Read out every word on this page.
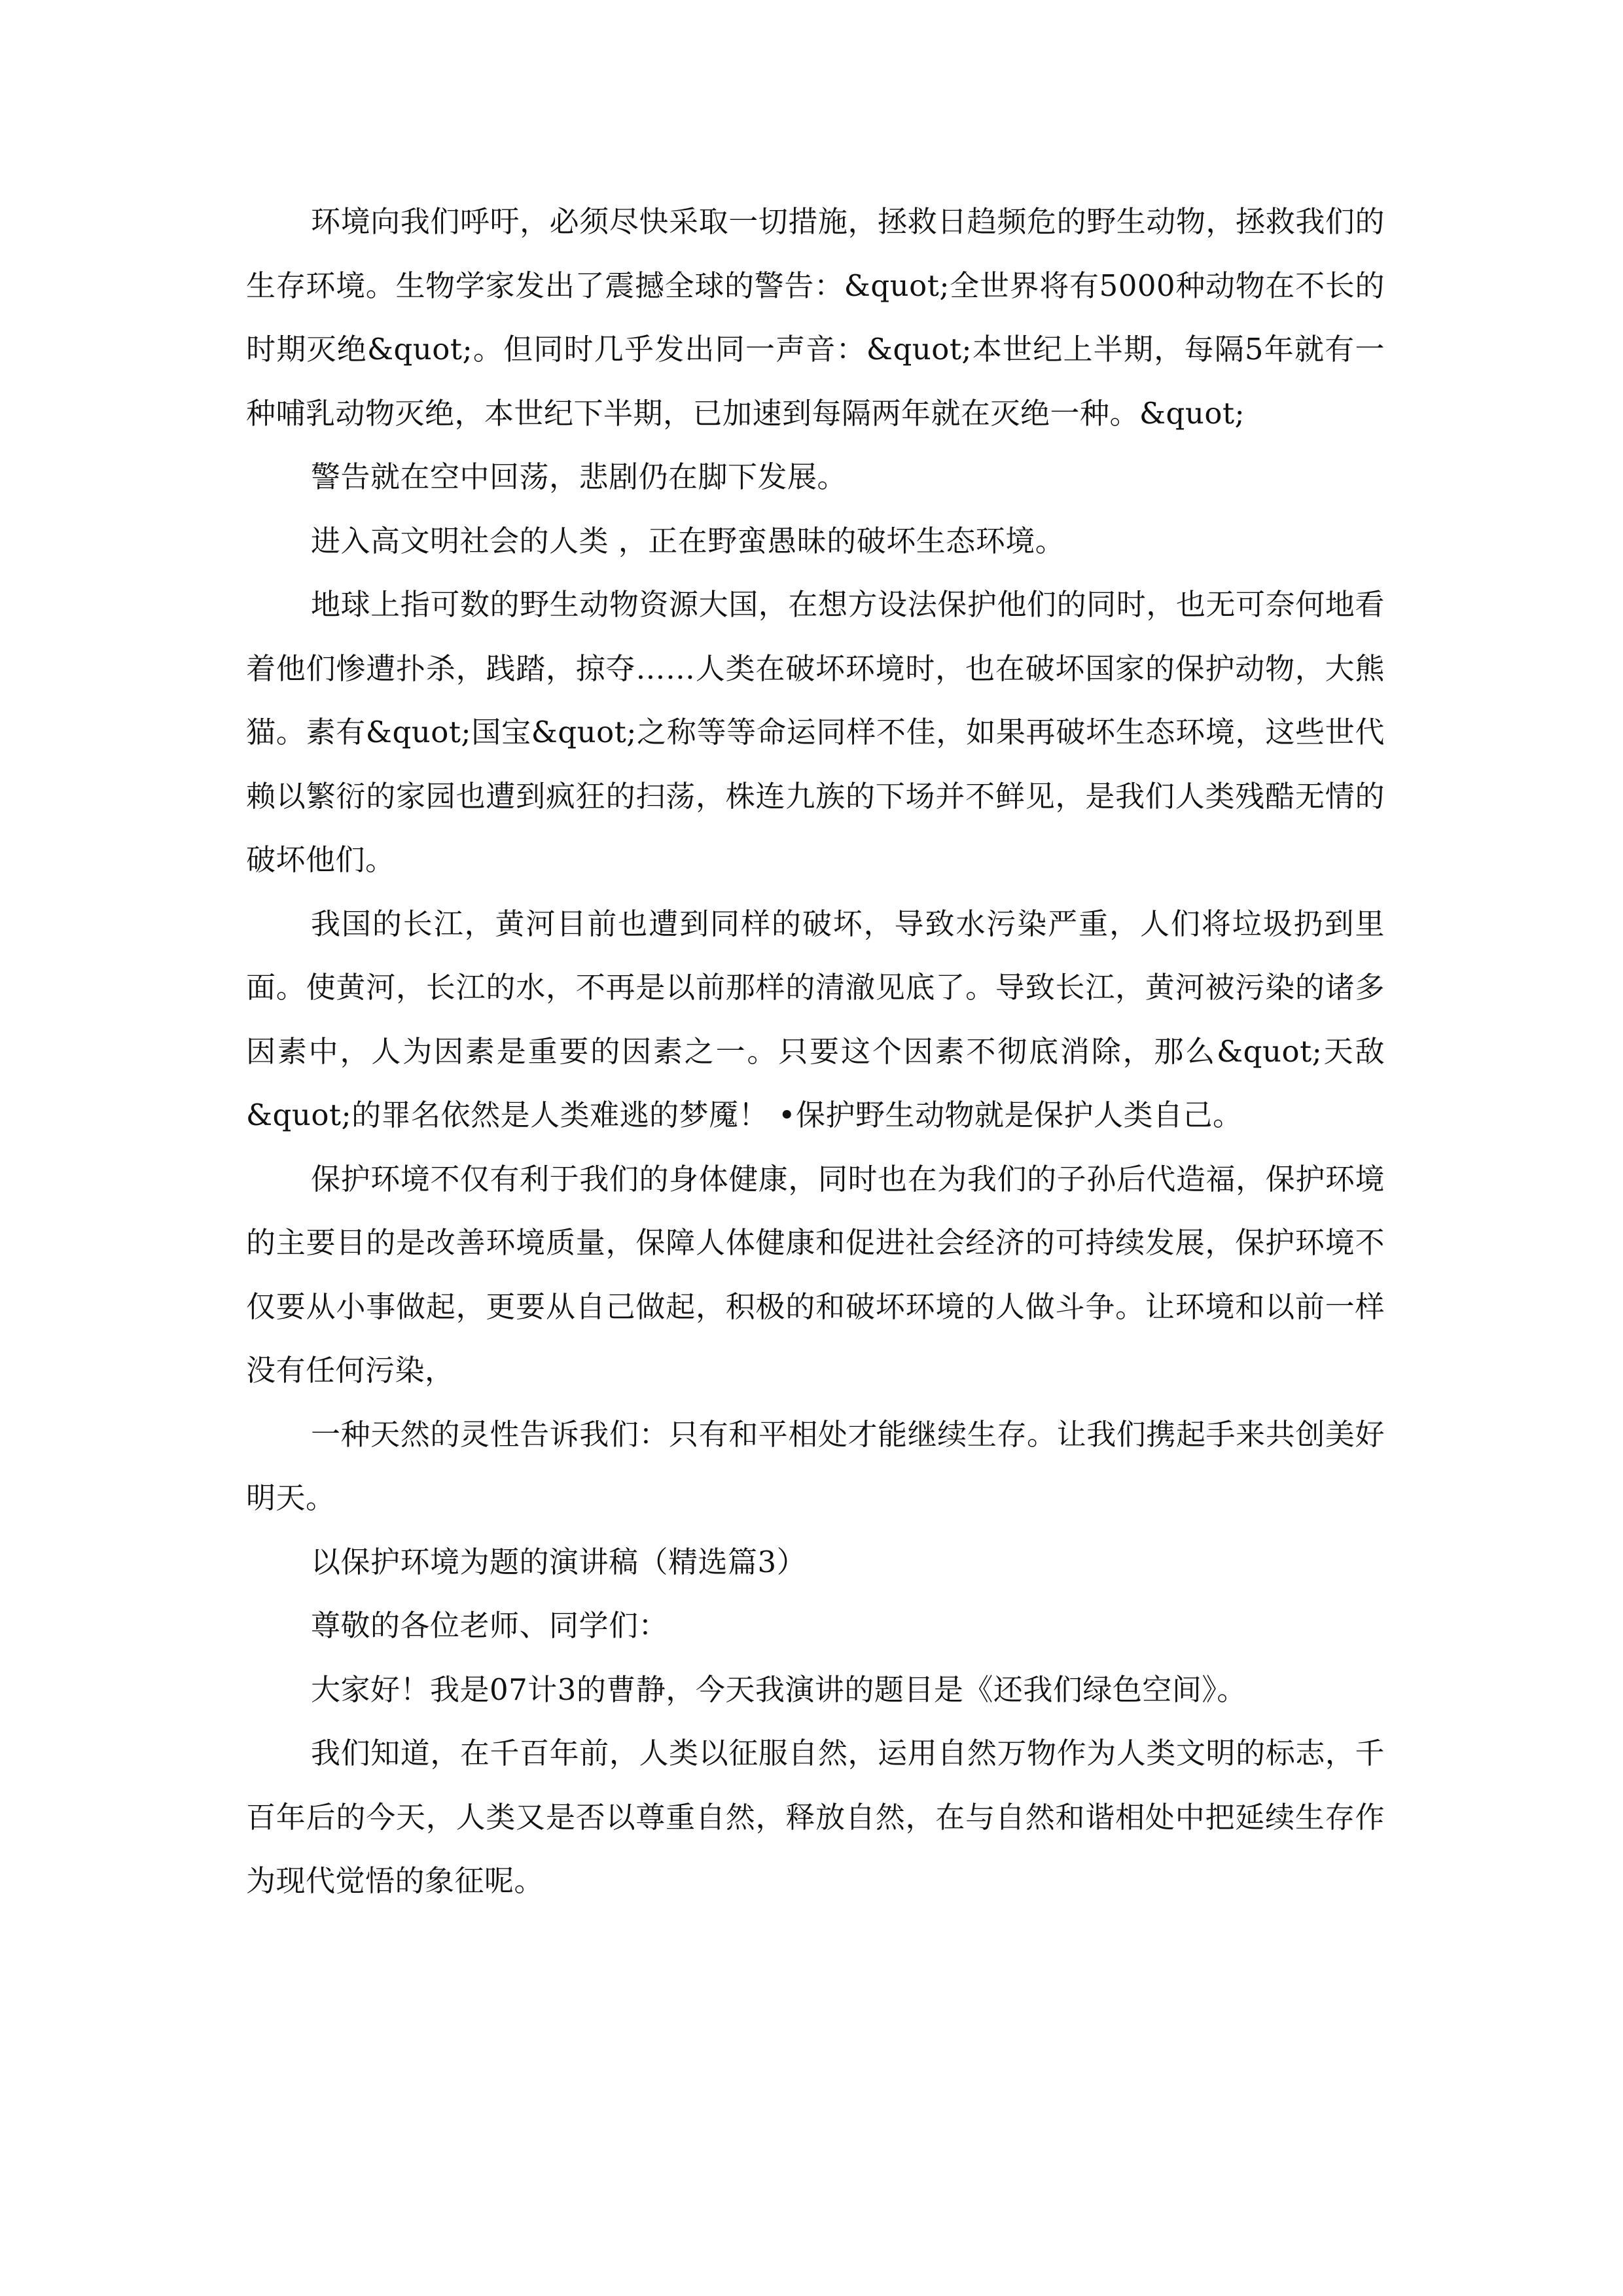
环境向我们呼吁，必须尽快采取一切措施，拯救日趋频危的野生动物，拯救我们的生存环境。生物学家发出了震撼全球的警告：&quot;全世界将有5000种动物在不长的时期灭绝&quot;。但同时几乎发出同一声音：&quot;本世纪上半期，每隔5年就有一种哺乳动物灭绝，本世纪下半期，已加速到每隔两年就在灭绝一种。&quot;

警告就在空中回荡，悲剧仍在脚下发展。

进入高文明社会的人类 ，正在野蛮愚昧的破坏生态环境。

地球上指可数的野生动物资源大国，在想方设法保护他们的同时，也无可奈何地看着他们惨遭扑杀，践踏，掠夺……人类在破坏环境时，也在破坏国家的保护动物，大熊猫。素有&quot;国宝&quot;之称等等命运同样不佳，如果再破坏生态环境，这些世代赖以繁衍的家园也遭到疯狂的扫荡，株连九族的下场并不鲜见，是我们人类残酷无情的破坏他们。

我国的长江，黄河目前也遭到同样的破坏，导致水污染严重，人们将垃圾扔到里面。使黄河，长江的水，不再是以前那样的清澈见底了。导致长江，黄河被污染的诸多因素中，人为因素是重要的因素之一。只要这个因素不彻底消除，那么&quot;天敌&quot;的罪名依然是人类难逃的梦魇！ •保护野生动物就是保护人类自己。

保护环境不仅有利于我们的身体健康，同时也在为我们的子孙后代造福，保护环境的主要目的是改善环境质量，保障人体健康和促进社会经济的可持续发展，保护环境不仅要从小事做起，更要从自己做起，积极的和破坏环境的人做斗争。让环境和以前一样没有任何污染，

一种天然的灵性告诉我们：只有和平相处才能继续生存。让我们携起手来共创美好明天。

以保护环境为题的演讲稿（精选篇3）

尊敬的各位老师、同学们：

大家好！我是07计3的曹静，今天我演讲的题目是《还我们绿色空间》。

我们知道，在千百年前，人类以征服自然，运用自然万物作为人类文明的标志，千百年后的今天，人类又是否以尊重自然，释放自然，在与自然和谐相处中把延续生存作为现代觉悟的象征呢。
